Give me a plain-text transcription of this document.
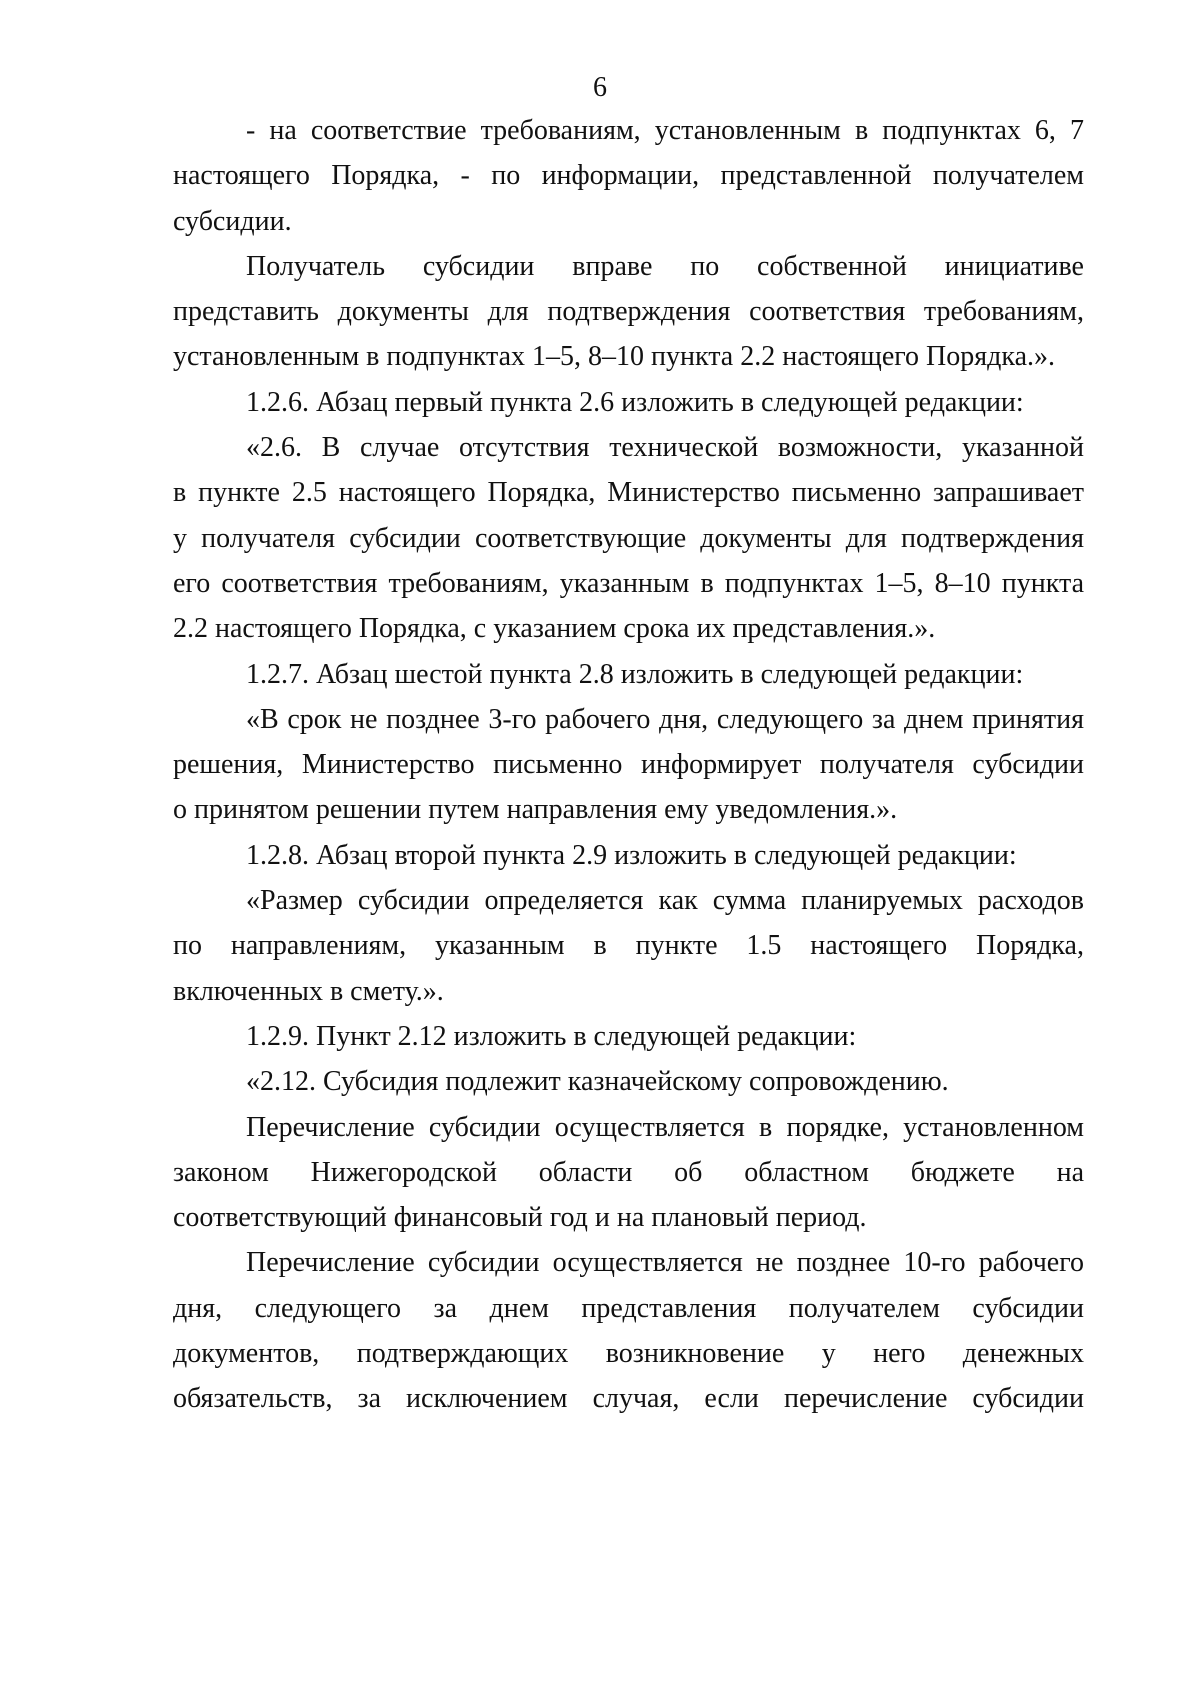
6
- на соответствие требованиям, установленным в подпунктах 6, 7
настоящего Порядка, - по информации, представленной получателем
субсидии.
Получатель субсидии вправе по собственной инициативе
представить документы для подтверждения соответствия требованиям,
установленным в подпунктах 1–5, 8–10 пункта 2.2 настоящего Порядка.».
1.2.6. Абзац первый пункта 2.6 изложить в следующей редакции:
«2.6. В случае отсутствия технической возможности, указанной
в пункте 2.5 настоящего Порядка, Министерство письменно запрашивает
у получателя субсидии соответствующие документы для подтверждения
его соответствия требованиям, указанным в подпунктах 1–5, 8–10 пункта
2.2 настоящего Порядка, с указанием срока их представления.».
1.2.7. Абзац шестой пункта 2.8 изложить в следующей редакции:
«В срок не позднее 3-го рабочего дня, следующего за днем принятия
решения, Министерство письменно информирует получателя субсидии
о принятом решении путем направления ему уведомления.».
1.2.8. Абзац второй пункта 2.9 изложить в следующей редакции:
«Размер субсидии определяется как сумма планируемых расходов
по направлениям, указанным в пункте 1.5 настоящего Порядка,
включенных в смету.».
1.2.9. Пункт 2.12 изложить в следующей редакции:
«2.12. Субсидия подлежит казначейскому сопровождению.
Перечисление субсидии осуществляется в порядке, установленном
законом Нижегородской области об областном бюджете на
соответствующий финансовый год и на плановый период.
Перечисление субсидии осуществляется не позднее 10-го рабочего
дня, следующего за днем представления получателем субсидии
документов, подтверждающих возникновение у него денежных
обязательств, за исключением случая, если перечисление субсидии
